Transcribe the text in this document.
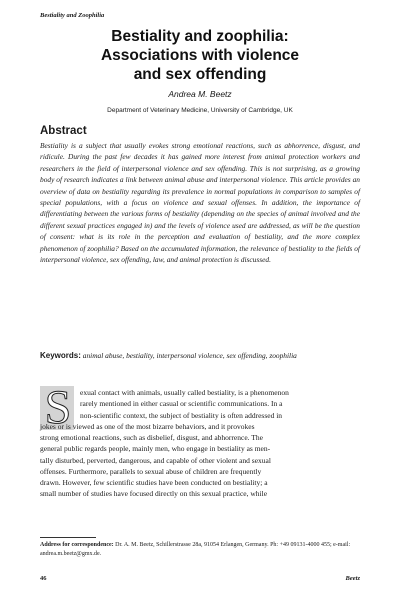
Bestiality and Zoophilia
Bestiality and zoophilia:
Associations with violence
and sex offending
Andrea M. Beetz
Department of Veterinary Medicine, University of Cambridge, UK
Abstract
Bestiality is a subject that usually evokes strong emotional reactions, such as abhorrence, disgust, and ridicule. During the past few decades it has gained more interest from animal protection workers and researchers in the field of interpersonal violence and sex offending. This is not surprising, as a growing body of research indicates a link between animal abuse and interpersonal violence. This article provides an overview of data on bestiality regarding its prevalence in normal populations in comparison to samples of special populations, with a focus on violence and sexual offenses. In addition, the importance of differentiating between the various forms of bestiality (depending on the species of animal involved and the different sexual practices engaged in) and the levels of violence used are addressed, as will be the question of consent: what is its role in the perception and evaluation of bestiality, and the more complex phenomenon of zoophilia? Based on the accumulated information, the relevance of bestiality to the fields of interpersonal violence, sex offending, law, and animal protection is discussed.
Keywords: animal abuse, bestiality, interpersonal violence, sex offending, zoophilia
S	exual contact with animals, usually called bestiality, is a phenomenon
rarely mentioned in either casual or scientific communications. In a
non-scientific context, the subject of bestiality is often addressed in
jokes or is viewed as one of the most bizarre behaviors, and it provokes
strong emotional reactions, such as disbelief, disgust, and abhorrence. The
general public regards people, mainly men, who engage in bestiality as men-
tally disturbed, perverted, dangerous, and capable of other violent and sexual
offenses. Furthermore, parallels to sexual abuse of children are frequently
drawn. However, few scientific studies have been conducted on bestiality; a
small number of studies have focused directly on this sexual practice, while
Address for correspondence: Dr. A. M. Beetz, Schillerstrasse 28a, 91054 Erlangen, Germany. Ph: +49 09131-4000 455; e-mail: andrea.m.beetz@gmx.de.
46	Beetz
